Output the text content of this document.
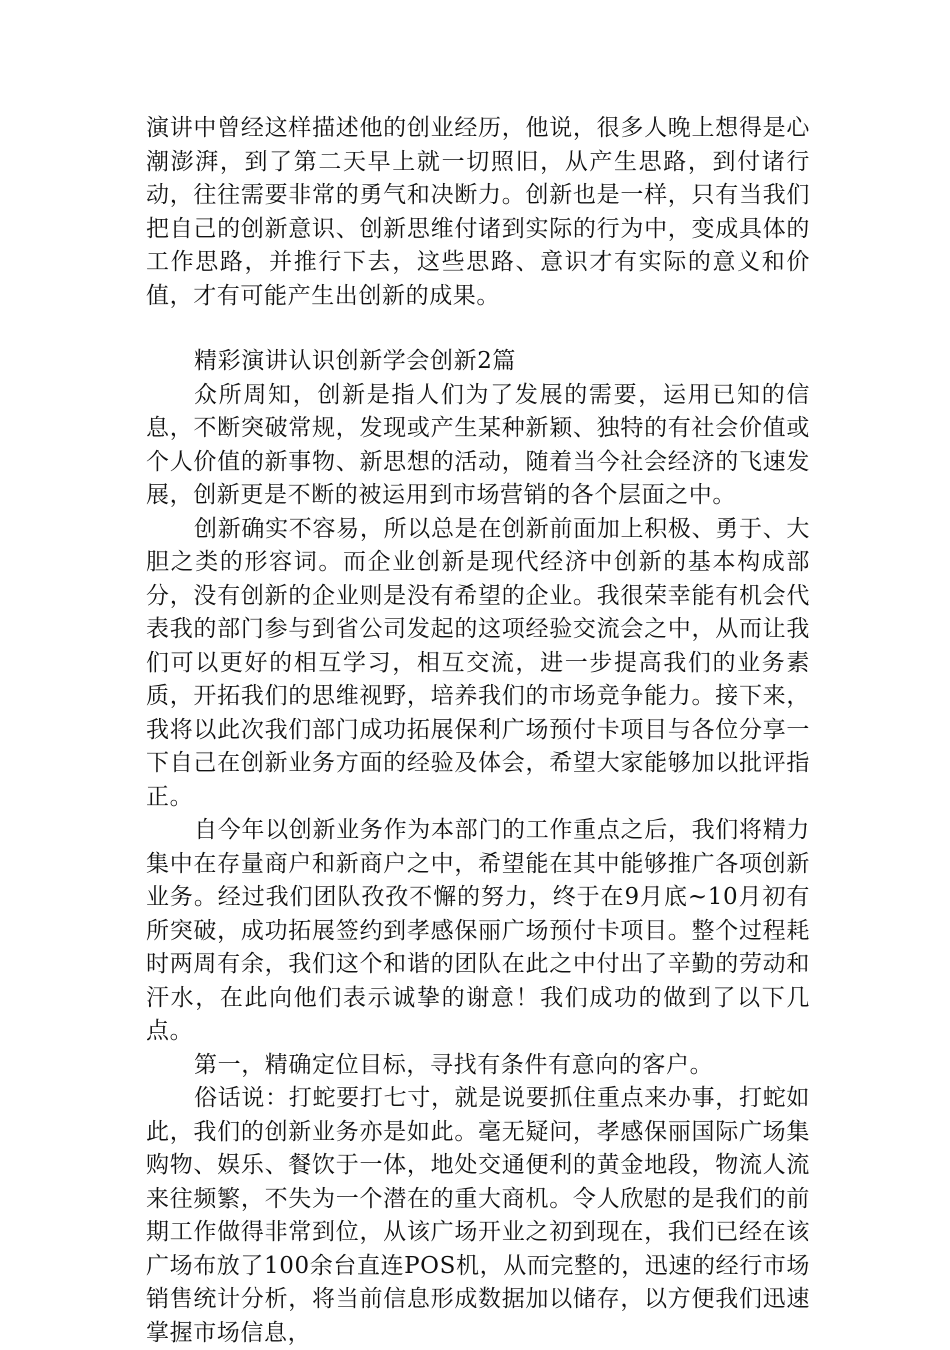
演讲中曾经这样描述他的创业经历，他说，很多人晚上想得是心潮澎湃，到了第二天早上就一切照旧，从产生思路，到付诸行动，往往需要非常的勇气和决断力。创新也是一样，只有当我们把自己的创新意识、创新思维付诸到实际的行为中，变成具体的工作思路，并推行下去，这些思路、意识才有实际的意义和价值，才有可能产生出创新的成果。

精彩演讲认识创新学会创新2篇

众所周知，创新是指人们为了发展的需要，运用已知的信息，不断突破常规，发现或产生某种新颖、独特的有社会价值或个人价值的新事物、新思想的活动，随着当今社会经济的飞速发展，创新更是不断的被运用到市场营销的各个层面之中。

创新确实不容易，所以总是在创新前面加上积极、勇于、大胆之类的形容词。而企业创新是现代经济中创新的基本构成部分，没有创新的企业则是没有希望的企业。我很荣幸能有机会代表我的部门参与到省公司发起的这项经验交流会之中，从而让我们可以更好的相互学习，相互交流，进一步提高我们的业务素质，开拓我们的思维视野，培养我们的市场竞争能力。接下来，我将以此次我们部门成功拓展保利广场预付卡项目与各位分享一下自己在创新业务方面的经验及体会，希望大家能够加以批评指正。

自今年以创新业务作为本部门的工作重点之后，我们将精力集中在存量商户和新商户之中，希望能在其中能够推广各项创新业务。经过我们团队孜孜不懈的努力，终于在9月底~10月初有所突破，成功拓展签约到孝感保丽广场预付卡项目。整个过程耗时两周有余，我们这个和谐的团队在此之中付出了辛勤的劳动和汗水，在此向他们表示诚挚的谢意！我们成功的做到了以下几点。

第一，精确定位目标，寻找有条件有意向的客户。

俗话说：打蛇要打七寸，就是说要抓住重点来办事，打蛇如此，我们的创新业务亦是如此。毫无疑问，孝感保丽国际广场集购物、娱乐、餐饮于一体，地处交通便利的黄金地段，物流人流来往频繁，不失为一个潜在的重大商机。令人欣慰的是我们的前期工作做得非常到位，从该广场开业之初到现在，我们已经在该广场布放了100余台直连POS机，从而完整的，迅速的经行市场销售统计分析，将当前信息形成数据加以储存，以方便我们迅速掌握市场信息，
